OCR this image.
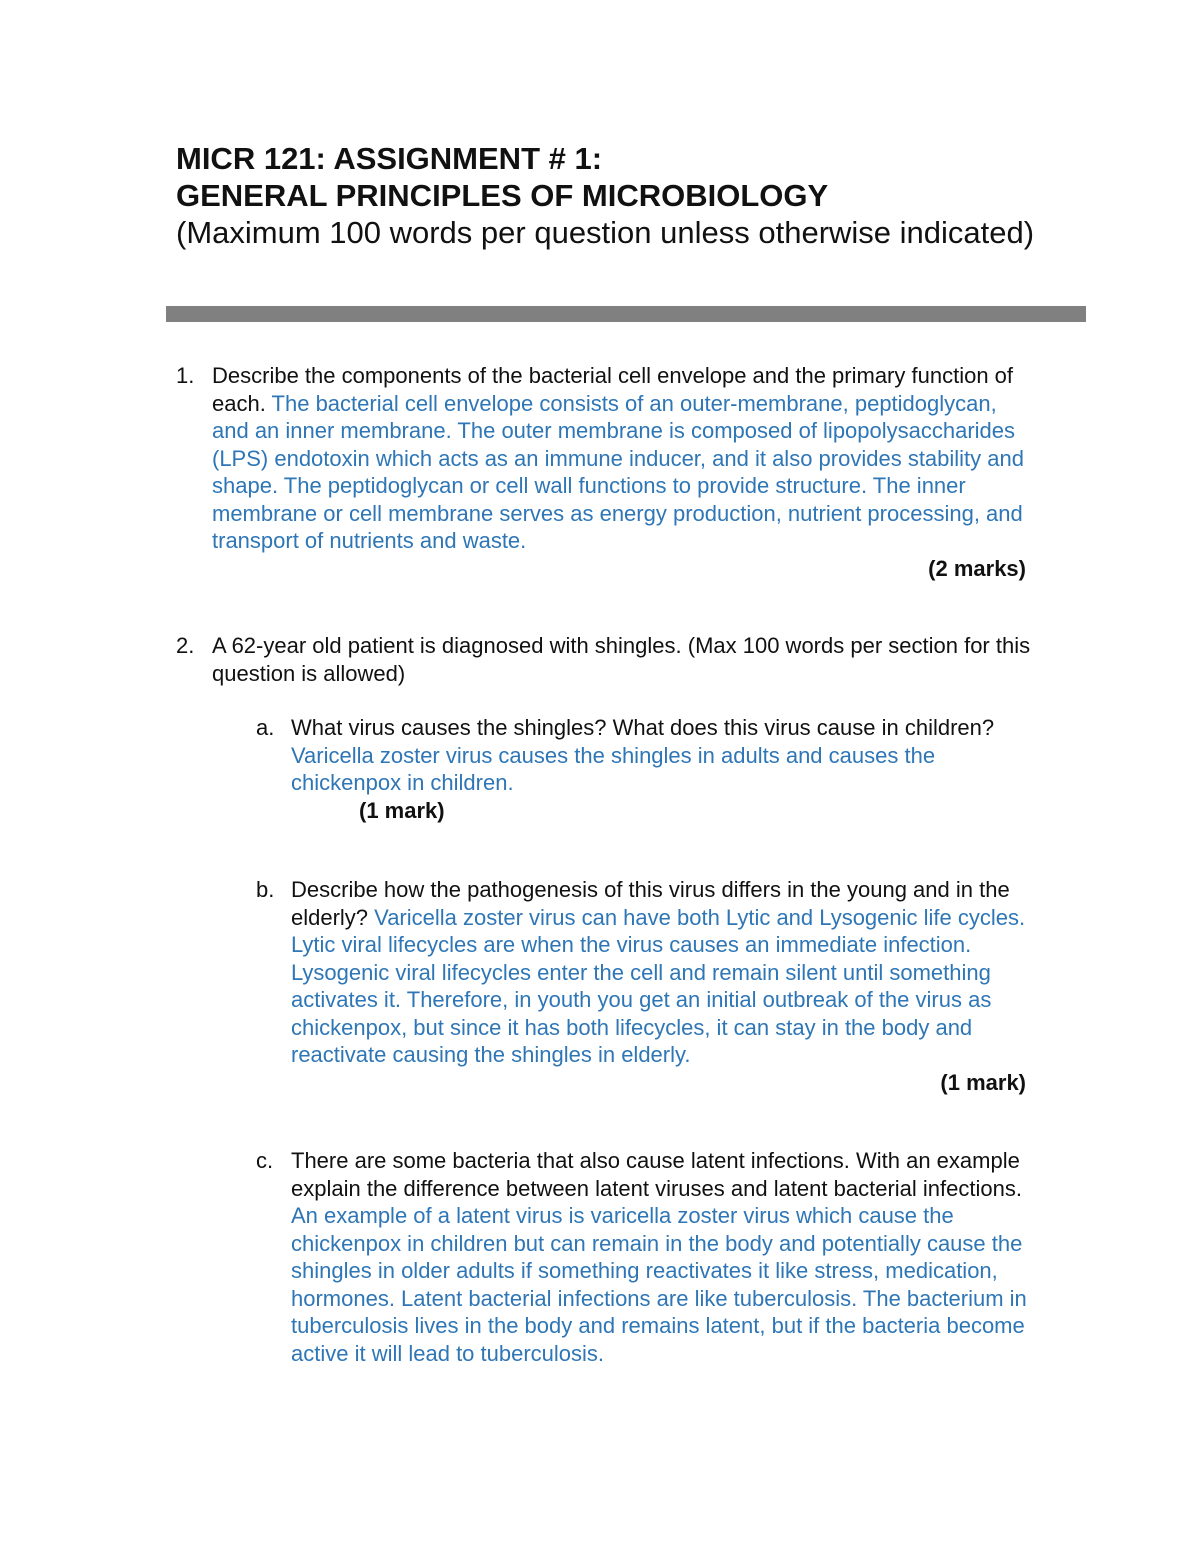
MICR 121: ASSIGNMENT # 1:
GENERAL PRINCIPLES OF MICROBIOLOGY
(Maximum 100 words per question unless otherwise indicated)
1. Describe the components of the bacterial cell envelope and the primary function of each. The bacterial cell envelope consists of an outer-membrane, peptidoglycan, and an inner membrane. The outer membrane is composed of lipopolysaccharides (LPS) endotoxin which acts as an immune inducer, and it also provides stability and shape. The peptidoglycan or cell wall functions to provide structure. The inner membrane or cell membrane serves as energy production, nutrient processing, and transport of nutrients and waste.
(2 marks)
2. A 62-year old patient is diagnosed with shingles. (Max 100 words per section for this question is allowed)
a. What virus causes the shingles? What does this virus cause in children?Varicella zoster virus causes the shingles in adults and causes the chickenpox in children.
(1 mark)
b. Describe how the pathogenesis of this virus differs in the young and in the elderly? Varicella zoster virus can have both Lytic and Lysogenic life cycles. Lytic viral lifecycles are when the virus causes an immediate infection. Lysogenic viral lifecycles enter the cell and remain silent until something activates it. Therefore, in youth you get an initial outbreak of the virus as chickenpox, but since it has both lifecycles, it can stay in the body and reactivate causing the shingles in elderly.
(1 mark)
c. There are some bacteria that also cause latent infections. With an example explain the difference between latent viruses and latent bacterial infections. An example of a latent virus is varicella zoster virus which cause the chickenpox in children but can remain in the body and potentially cause the shingles in older adults if something reactivates it like stress, medication, hormones. Latent bacterial infections are like tuberculosis. The bacterium in tuberculosis lives in the body and remains latent, but if the bacteria become active it will lead to tuberculosis.
